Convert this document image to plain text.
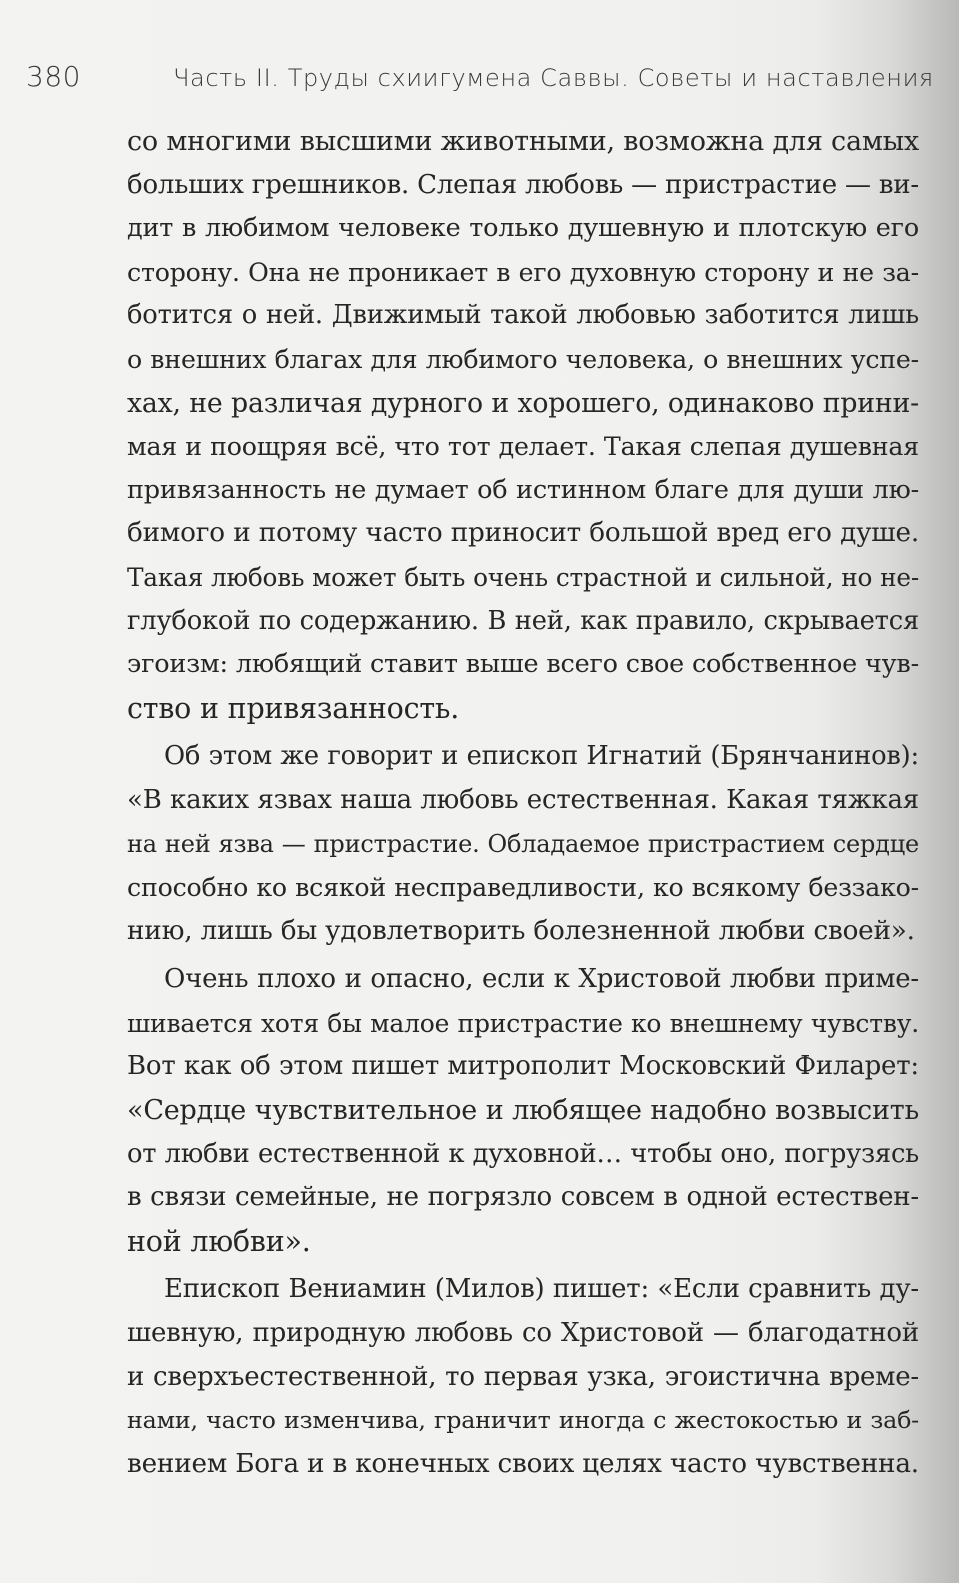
380	Часть II. Труды схиигумена Саввы. Советы и наставления
со многими высшими животными, возможна для самых
больших грешников. Слепая любовь — пристрастие — ви-
дит в любимом человеке только душевную и плотскую его
сторону. Она не проникает в его духовную сторону и не за-
ботится о ней. Движимый такой любовью заботится лишь
о внешних благах для любимого человека, о внешних успе-
хах, не различая дурного и хорошего, одинаково прини-
мая и поощряя всё, что тот делает. Такая слепая душевная
привязанность не думает об истинном благе для души лю-
бимого и потому часто приносит большой вред его душе.
Такая любовь может быть очень страстной и сильной, но не-
глубокой по содержанию. В ней, как правило, скрывается
эгоизм: любящий ставит выше всего свое собственное чув-
ство и привязанность.
Об этом же говорит и епископ Игнатий (Брянчанинов):
«В каких язвах наша любовь естественная. Какая тяжкая
на ней язва — пристрастие. Обладаемое пристрастием сердце
способно ко всякой несправедливости, ко всякому беззако-
нию, лишь бы удовлетворить болезненной любви своей».
Очень плохо и опасно, если к Христовой любви приме-
шивается хотя бы малое пристрастие ко внешнему чувству.
Вот как об этом пишет митрополит Московский Филарет:
«Сердце чувствительное и любящее надобно возвысить
от любви естественной к духовной… чтобы оно, погрузясь
в связи семейные, не погрязло совсем в одной естествен-
ной любви».
Епископ Вениамин (Милов) пишет: «Если сравнить ду-
шевную, природную любовь со Христовой — благодатной
и сверхъестественной, то первая узка, эгоистична време-
нами, часто изменчива, граничит иногда с жестокостью и заб-
вением Бога и в конечных своих целях часто чувственна.
